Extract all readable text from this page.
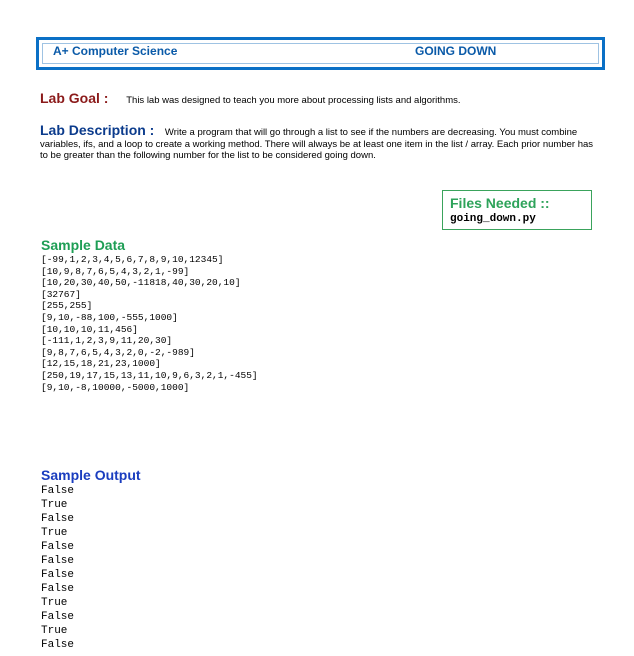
A+ Computer Science	GOING DOWN
Lab Goal : This lab was designed to teach you more about processing lists and algorithms.
Lab Description : Write a program that will go through a list to see if the numbers are decreasing. You must combine variables, ifs, and a loop to create a working method. There will always be at least one item in the list / array. Each prior number has to be greater than the following number for the list to be considered going down.
Files Needed ::
going_down.py
Sample Data
[-99,1,2,3,4,5,6,7,8,9,10,12345]
[10,9,8,7,6,5,4,3,2,1,-99]
[10,20,30,40,50,-11818,40,30,20,10]
[32767]
[255,255]
[9,10,-88,100,-555,1000]
[10,10,10,11,456]
[-111,1,2,3,9,11,20,30]
[9,8,7,6,5,4,3,2,0,-2,-989]
[12,15,18,21,23,1000]
[250,19,17,15,13,11,10,9,6,3,2,1,-455]
[9,10,-8,10000,-5000,1000]
Sample Output
False
True
False
True
False
False
False
False
True
False
True
False
